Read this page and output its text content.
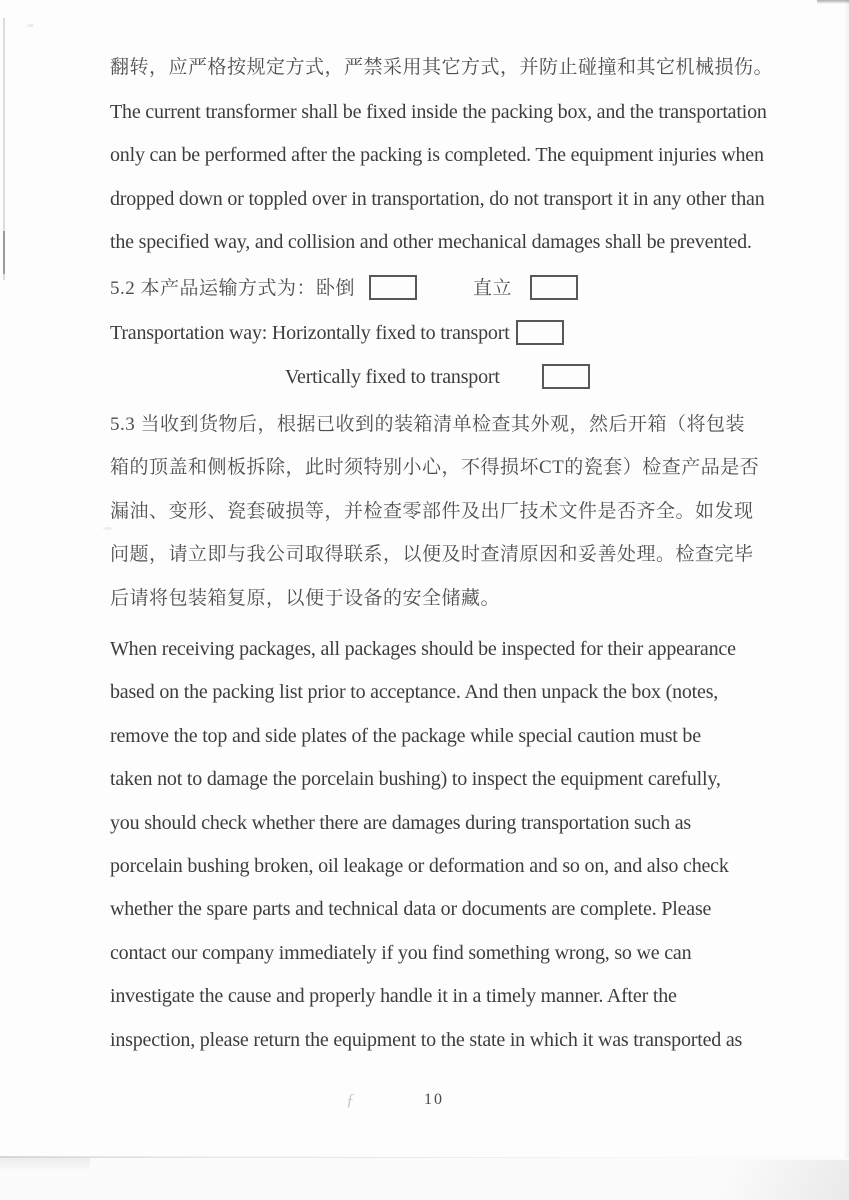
翻转，应严格按规定方式，严禁采用其它方式，并防止碰撞和其它机械损伤。
The current transformer shall be fixed inside the packing box, and the transportation
only can be performed after the packing is completed. The equipment injuries when
dropped down or toppled over in transportation, do not transport it in any other than
the specified way, and collision and other mechanical damages shall be prevented.
5.2 本产品运输方式为：卧倒	直立
Transportation way: Horizontally fixed to transport
Vertically fixed to transport
5.3 当收到货物后，根据已收到的装箱清单检查其外观，然后开箱（将包装
箱的顶盖和侧板拆除，此时须特别小心，不得损坏CT的瓷套）检查产品是否
漏油、变形、瓷套破损等，并检查零部件及出厂技术文件是否齐全。如发现
问题，请立即与我公司取得联系，以便及时查清原因和妥善处理。检查完毕
后请将包装箱复原，以便于设备的安全储藏。
When receiving packages, all packages should be inspected for their appearance
based on the packing list prior to acceptance. And then unpack the box (notes,
remove the top and side plates of the package while special caution must be
taken not to damage the porcelain bushing) to inspect the equipment carefully,
you should check whether there are damages during transportation such as
porcelain bushing broken, oil leakage or deformation and so on, and also check
whether the spare parts and technical data or documents are complete. Please
contact our company immediately if you find something wrong, so we can
investigate the cause and properly handle it in a timely manner. After the
inspection, please return the equipment to the state in which it was transported as
ƒ	10
